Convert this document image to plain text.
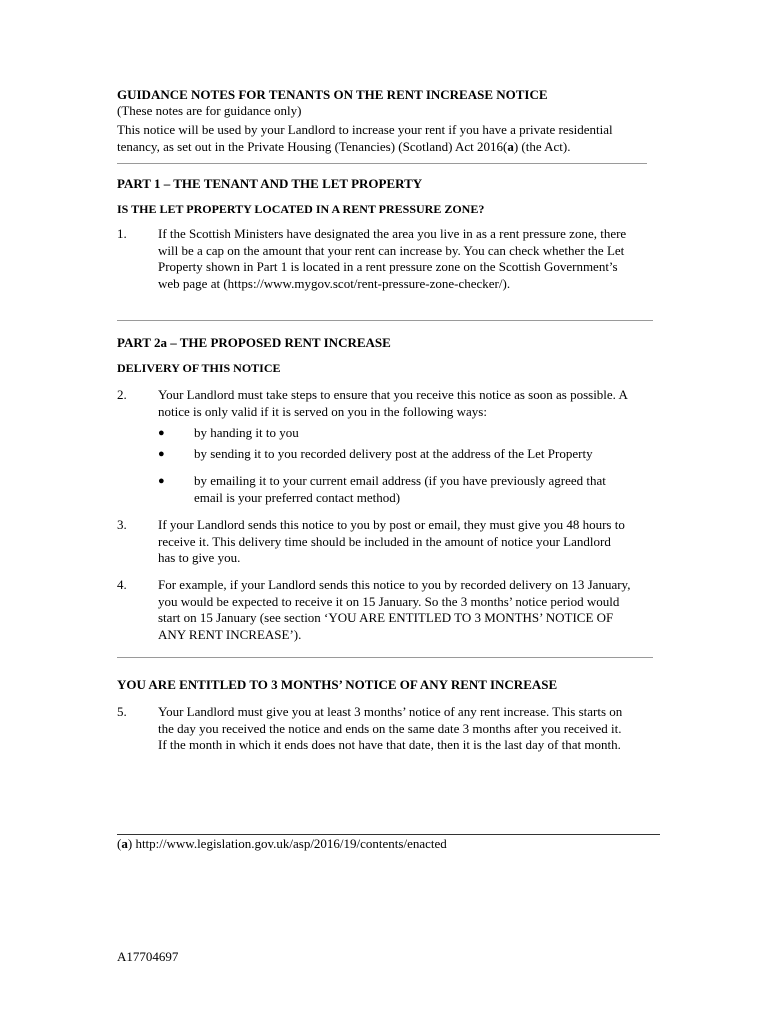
GUIDANCE NOTES FOR TENANTS ON THE RENT INCREASE NOTICE
(These notes are for guidance only)
This notice will be used by your Landlord to increase your rent if you have a private residential
tenancy, as set out in the Private Housing (Tenancies) (Scotland) Act 2016(a) (the Act).
PART 1 – THE TENANT AND THE LET PROPERTY
IS THE LET PROPERTY LOCATED IN A RENT PRESSURE ZONE?
1. If the Scottish Ministers have designated the area you live in as a rent pressure zone, there
will be a cap on the amount that your rent can increase by. You can check whether the Let
Property shown in Part 1 is located in a rent pressure zone on the Scottish Government’s
web page at (https://www.mygov.scot/rent-pressure-zone-checker/).
PART 2a – THE PROPOSED RENT INCREASE
DELIVERY OF THIS NOTICE
2. Your Landlord must take steps to ensure that you receive this notice as soon as possible. A
notice is only valid if it is served on you in the following ways:
● by handing it to you
● by sending it to you recorded delivery post at the address of the Let Property
● by emailing it to your current email address (if you have previously agreed that
email is your preferred contact method)
3. If your Landlord sends this notice to you by post or email, they must give you 48 hours to
receive it. This delivery time should be included in the amount of notice your Landlord
has to give you.
4. For example, if your Landlord sends this notice to you by recorded delivery on 13 January,
you would be expected to receive it on 15 January. So the 3 months’ notice period would
start on 15 January (see section ‘YOU ARE ENTITLED TO 3 MONTHS’ NOTICE OF
ANY RENT INCREASE’).
YOU ARE ENTITLED TO 3 MONTHS’ NOTICE OF ANY RENT INCREASE
5. Your Landlord must give you at least 3 months’ notice of any rent increase. This starts on
the day you received the notice and ends on the same date 3 months after you received it.
If the month in which it ends does not have that date, then it is the last day of that month.
(a) http://www.legislation.gov.uk/asp/2016/19/contents/enacted
A17704697
